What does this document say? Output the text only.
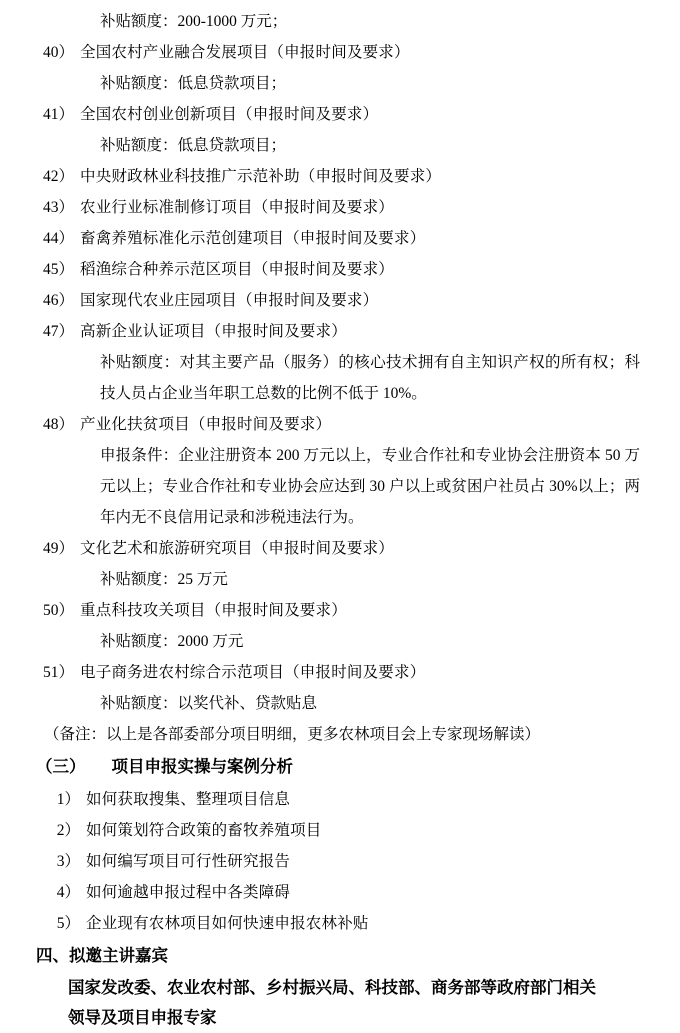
补贴额度：200-1000 万元；
40） 全国农村产业融合发展项目（申报时间及要求）
补贴额度：低息贷款项目；
41） 全国农村创业创新项目（申报时间及要求）
补贴额度：低息贷款项目；
42） 中央财政林业科技推广示范补助（申报时间及要求）
43） 农业行业标准制修订项目（申报时间及要求）
44） 畜禽养殖标准化示范创建项目（申报时间及要求）
45） 稻渔综合种养示范区项目（申报时间及要求）
46） 国家现代农业庄园项目（申报时间及要求）
47） 高新企业认证项目（申报时间及要求）
补贴额度：对其主要产品（服务）的核心技术拥有自主知识产权的所有权；科技人员占企业当年职工总数的比例不低于 10%。
48） 产业化扶贫项目（申报时间及要求）
申报条件：企业注册资本 200 万元以上，专业合作社和专业协会注册资本 50 万元以上；专业合作社和专业协会应达到 30 户以上或贫困户社员占 30%以上；两年内无不良信用记录和涉税违法行为。
49） 文化艺术和旅游研究项目（申报时间及要求）
补贴额度：25 万元
50） 重点科技攻关项目（申报时间及要求）
补贴额度：2000 万元
51） 电子商务进农村综合示范项目（申报时间及要求）
补贴额度：以奖代补、贷款贴息
（备注：以上是各部委部分项目明细，更多农林项目会上专家现场解读）
（三）	项目申报实操与案例分析
1） 如何获取搜集、整理项目信息
2） 如何策划符合政策的畜牧养殖项目
3） 如何编写项目可行性研究报告
4） 如何逾越申报过程中各类障碍
5） 企业现有农林项目如何快速申报农林补贴
四、拟邀主讲嘉宾
国家发改委、农业农村部、乡村振兴局、科技部、商务部等政府部门相关领导及项目申报专家
